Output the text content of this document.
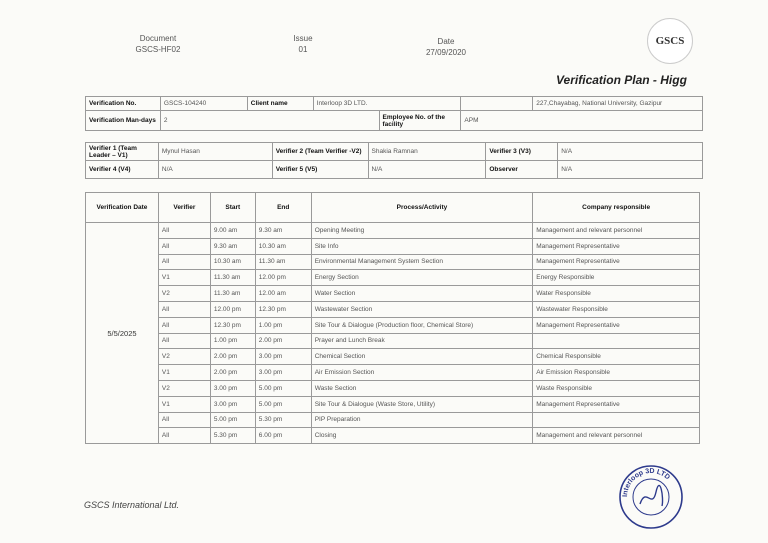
Document
GSCS-HF02
Issue
01
Date
27/09/2020
GSCS
Verification Plan - Higg
Verification No.	GSCS-104240	Client name	Interloop 3D LTD.			227,Chayabag, National University, Gazipur
Verification Man-days	2			Employee No. of the facility	APM	
Verifier 1 (Team Leader – V1)	Mynul Hasan	Verifier 2 (Team Verifier -V2)	Shakia Ramnan	Verifier 3 (V3)	N/A
Verifier 4 (V4)	N/A	Verifier 5 (V5)	N/A	Observer	N/A
Verification Date	Verifier	Start	End	Process/Activity	Company responsible
5/5/2025	All	9.00 am	9.30 am	Opening Meeting	Management and relevant personnel
	All	9.30 am	10.30 am	Site Info	Management Representative
	All	10.30 am	11.30 am	Environmental Management System Section	Management Representative
	V1	11.30 am	12.00 pm	Energy Section	Energy Responsible
	V2	11.30 am	12.00 am	Water Section	Water Responsible
	All	12.00 pm	12.30 pm	Wastewater Section	Wastewater Responsible
	All	12.30 pm	1.00 pm	Site Tour & Dialogue (Production floor, Chemical Store)	Management Representative
	All	1.00 pm	2.00 pm	Prayer and Lunch Break	
	V2	2.00 pm	3.00 pm	Chemical Section	Chemical Responsible
	V1	2.00 pm	3.00 pm	Air Emission Section	Air Emission Responsible
	V2	3.00 pm	5.00 pm	Waste Section	Waste Responsible
	V1	3.00 pm	5.00 pm	Site Tour & Dialogue (Waste Store, Utility)	Management Representative
	All	5.00 pm	5.30 pm	PIP Preparation	
	All	5.30 pm	6.00 pm	Closing	Management and relevant personnel
GSCS International Ltd.
Interloop 3D LTD
